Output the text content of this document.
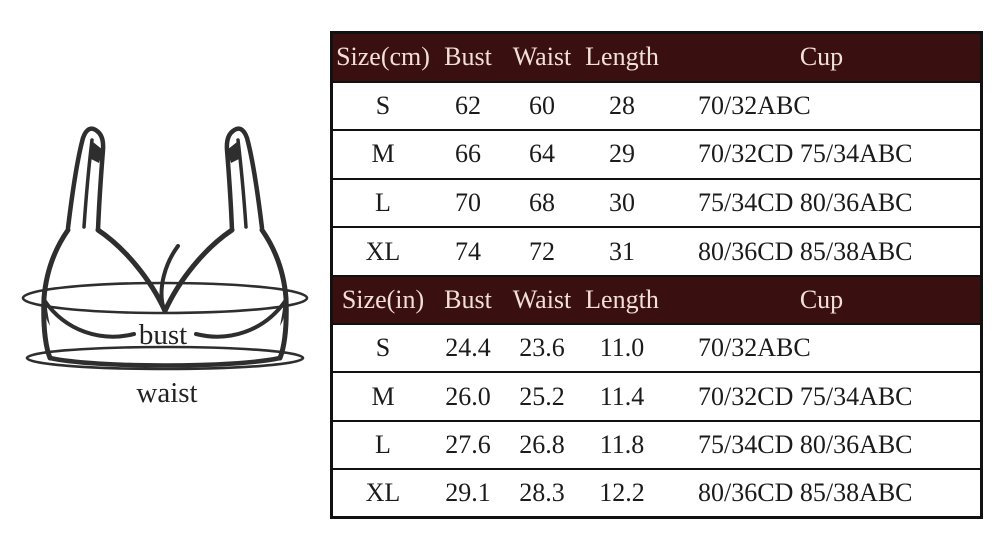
bust
waist
Size(cm) Bust Waist Length	Cup
S	62	60	28	70/32ABC
M	66	64	29	70/32CD 75/34ABC
L	70	68	30	75/34CD 80/36ABC
XL	74	72	31	80/36CD 85/38ABC
Size(in) Bust Waist Length	Cup
S	24.4	23.6	11.0	70/32ABC
M	26.0	25.2	11.4	70/32CD 75/34ABC
L	27.6	26.8	11.8	75/34CD 80/36ABC
XL	29.1	28.3	12.2	80/36CD 85/38ABC
